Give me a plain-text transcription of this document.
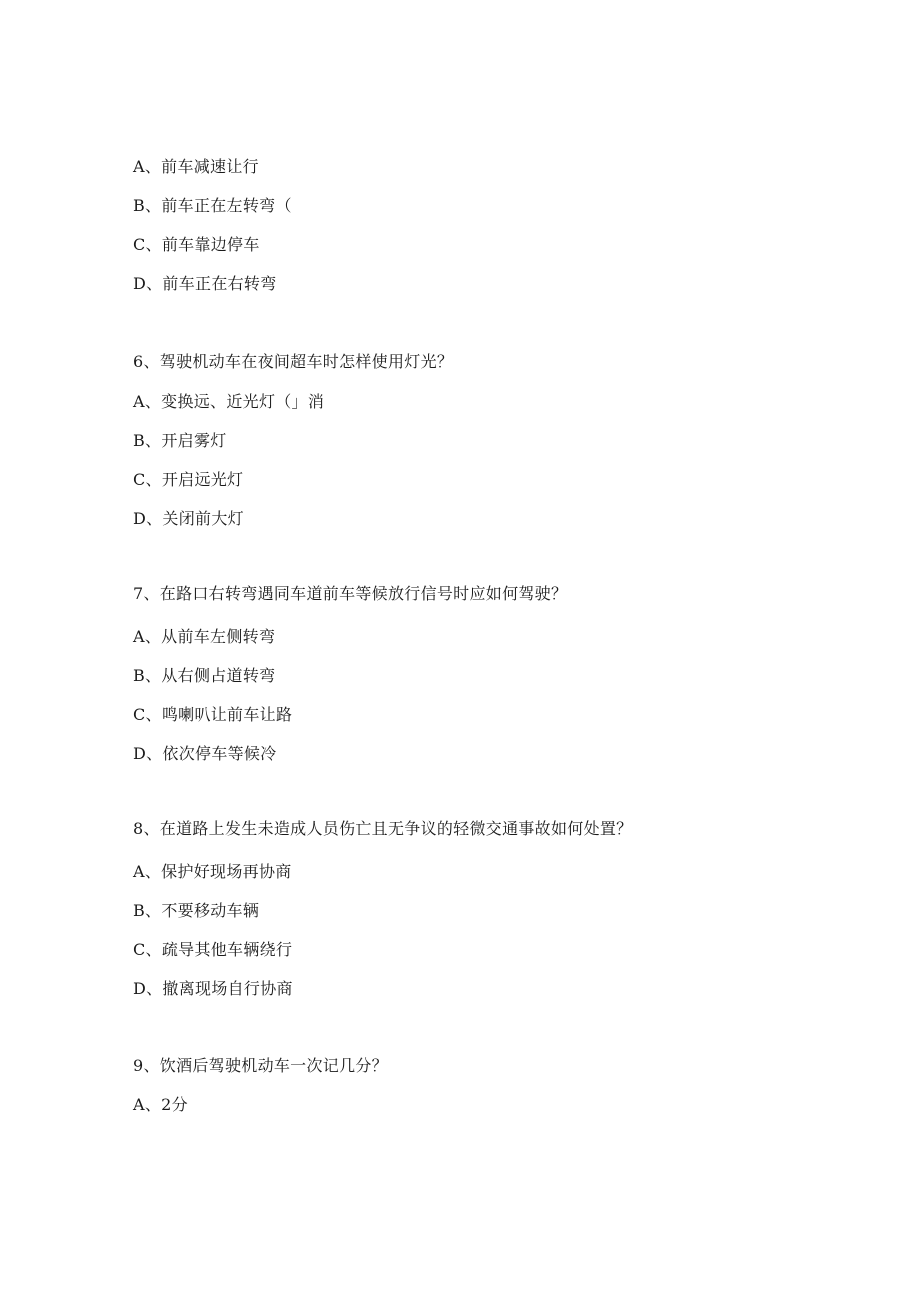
A、前车减速让行
B、前车正在左转弯（
C、前车靠边停车
D、前车正在右转弯
6、驾驶机动车在夜间超车时怎样使用灯光？
A、变换远、近光灯（」消
B、开启雾灯
C、开启远光灯
D、关闭前大灯
7、在路口右转弯遇同车道前车等候放行信号时应如何驾驶？
A、从前车左侧转弯
B、从右侧占道转弯
C、鸣喇叭让前车让路
D、依次停车等候冷
8、在道路上发生未造成人员伤亡且无争议的轻微交通事故如何处置？
A、保护好现场再协商
B、不要移动车辆
C、疏导其他车辆绕行
D、撤离现场自行协商
9、饮酒后驾驶机动车一次记几分？
A、2分
